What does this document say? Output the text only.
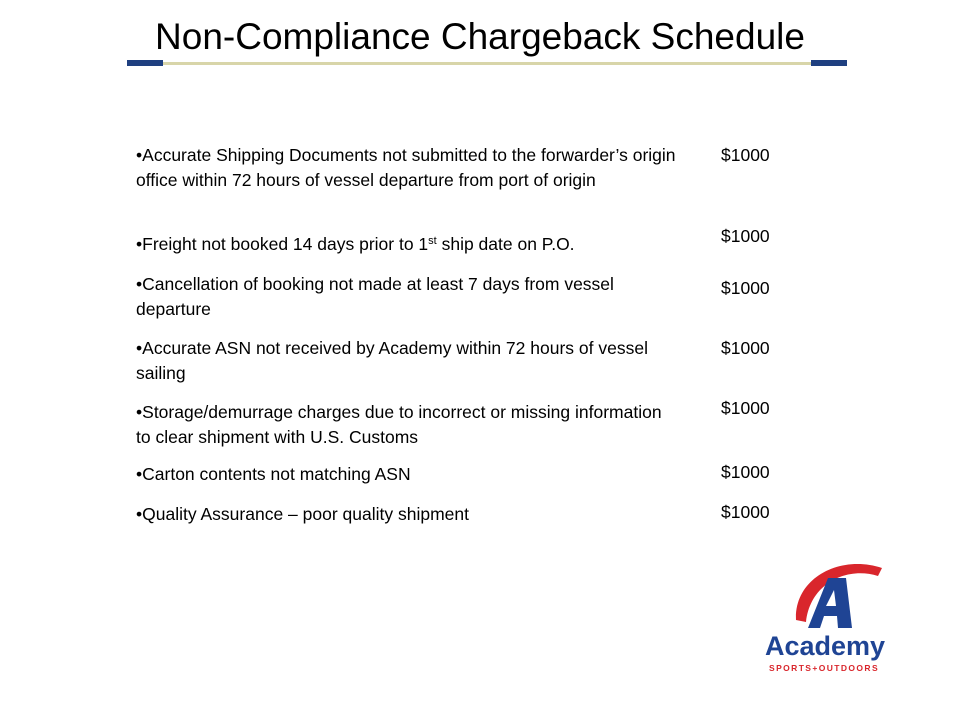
Non-Compliance Chargeback Schedule
•Accurate Shipping Documents not submitted to the forwarder’s origin office within 72 hours of vessel departure from port of origin
$1000
•Freight not booked 14 days prior to 1st ship date on P.O.	$1000
•Cancellation of booking not made at least 7 days from vessel departure
$1000
•Accurate ASN not received by Academy within 72 hours of vessel sailing
$1000
•Storage/demurrage charges due to incorrect or missing information to clear shipment with U.S. Customs
$1000
•Carton contents not matching ASN	$1000
•Quality Assurance – poor quality shipment	$1000
Academy
SPORTS+OUTDOORS
